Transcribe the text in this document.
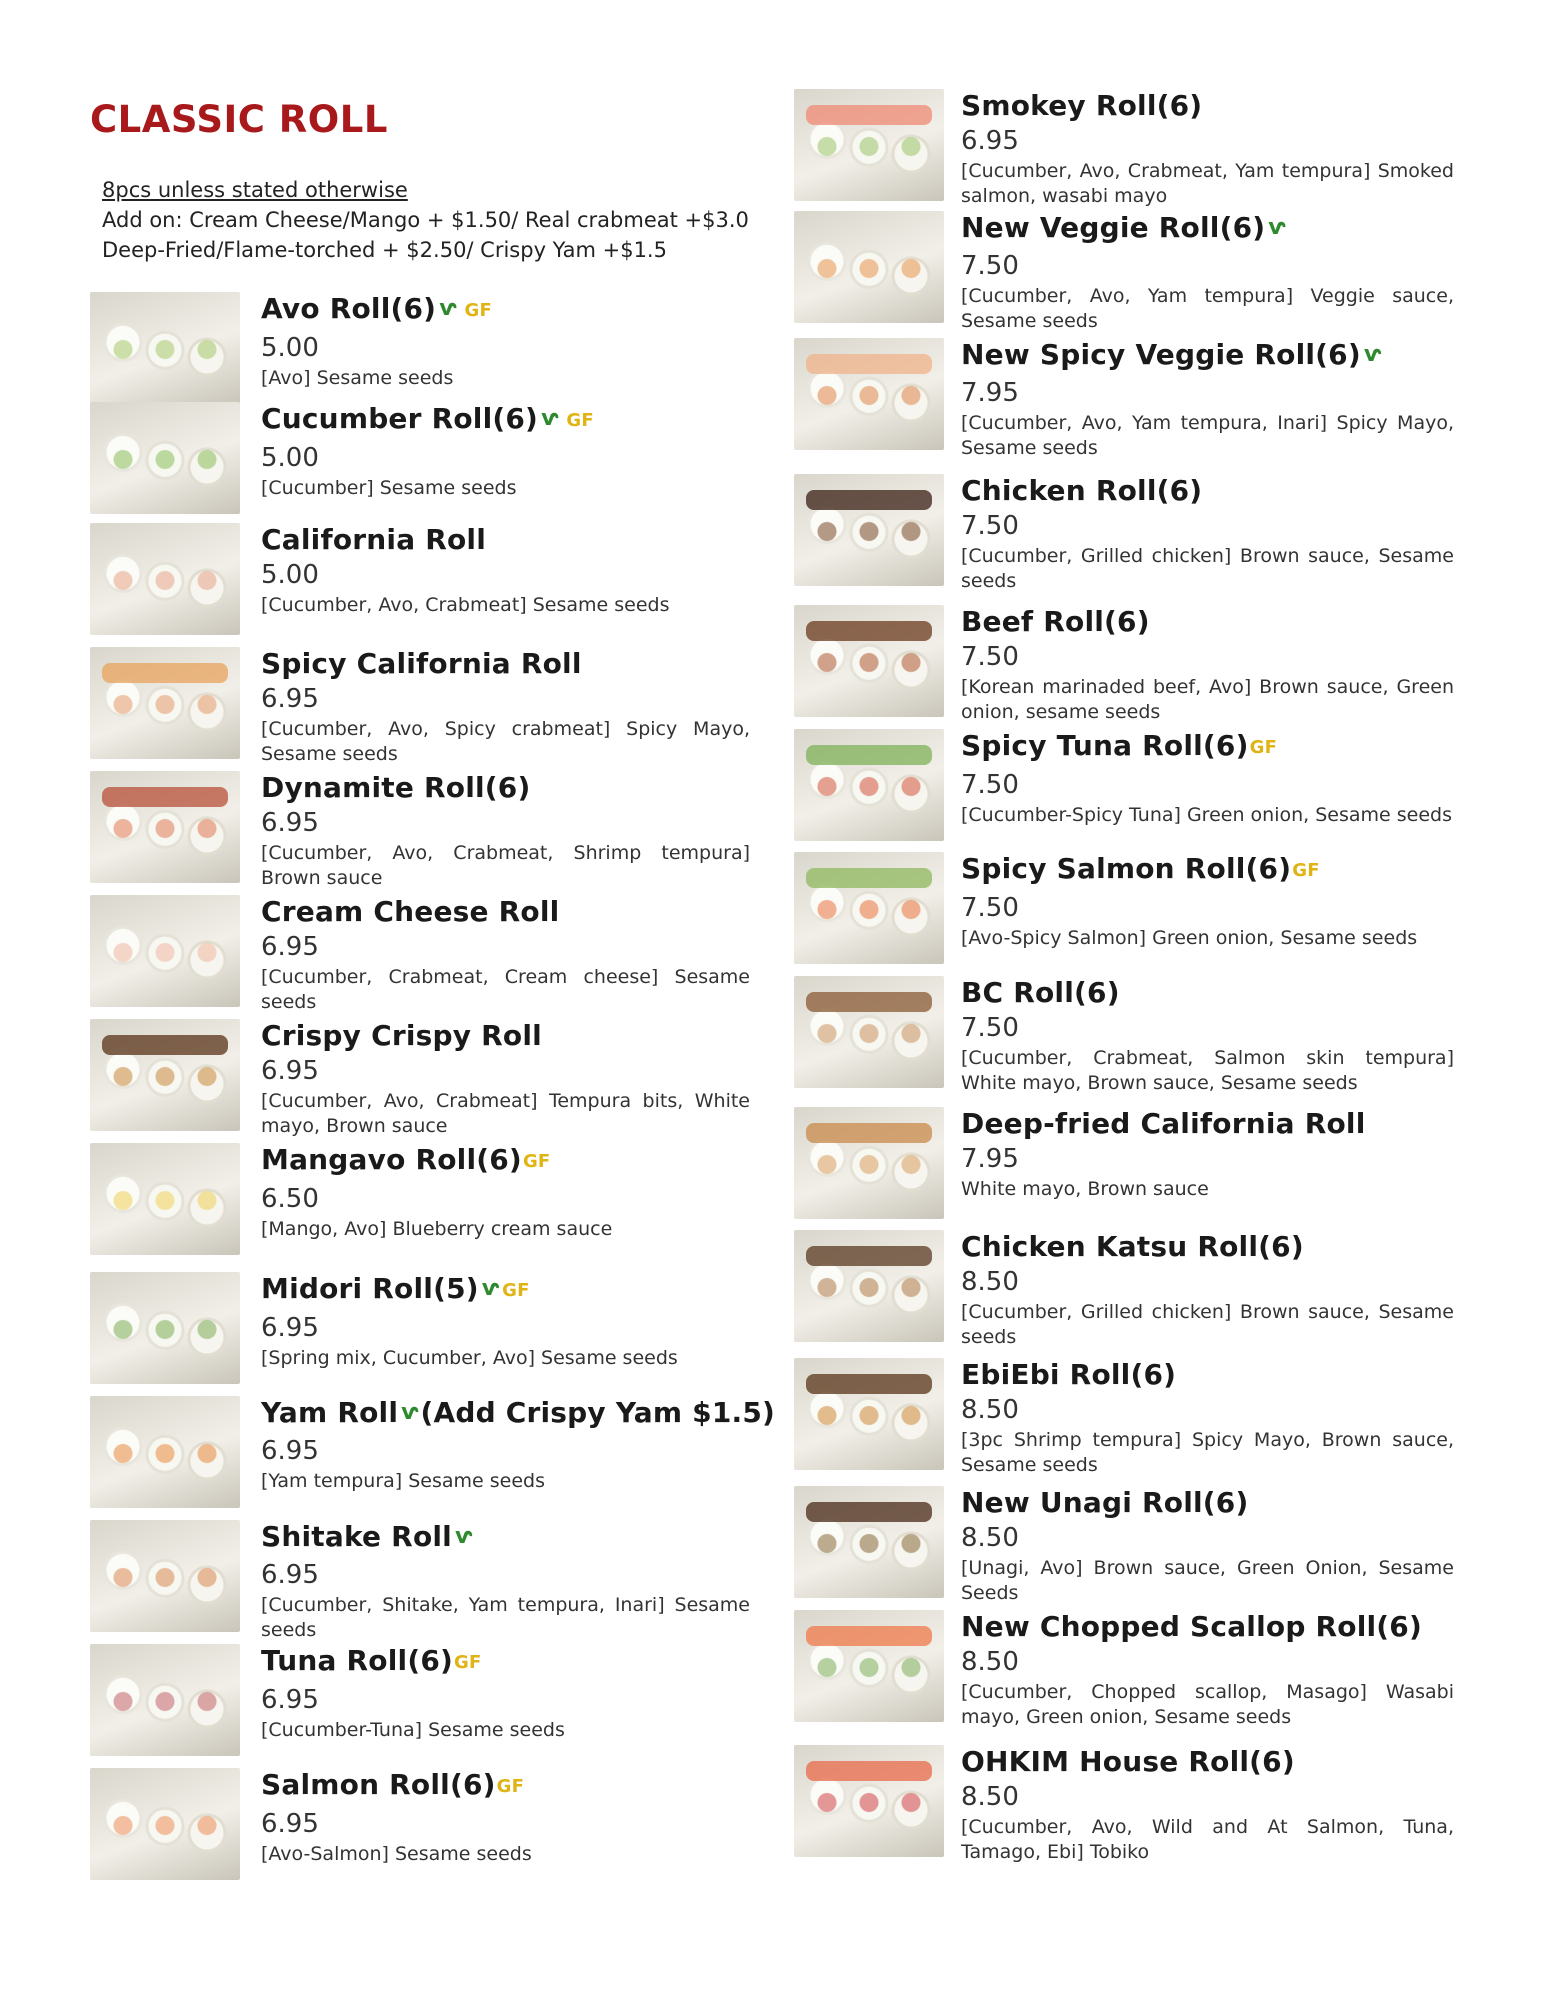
CLASSIC ROLL
8pcs unless stated otherwise
Add on: Cream Cheese/Mango + $1.50/ Real crabmeat +$3.0
Deep-Fried/Flame-torched + $2.50/ Crispy Yam +$1.5
Avo Roll(6) ⱱ GF
5.00
[Avo] Sesame seeds
Cucumber Roll(6) ⱱ GF
5.00
[Cucumber] Sesame seeds
California Roll
5.00
[Cucumber, Avo, Crabmeat] Sesame seeds
Spicy California Roll
6.95
[Cucumber, Avo, Spicy crabmeat] Spicy Mayo, Sesame seeds
Dynamite Roll(6)
6.95
[Cucumber, Avo, Crabmeat, Shrimp tempura] Brown sauce
Cream Cheese Roll
6.95
[Cucumber, Crabmeat, Cream cheese] Sesame seeds
Crispy Crispy Roll
6.95
[Cucumber, Avo, Crabmeat] Tempura bits, White mayo, Brown sauce
Mangavo Roll(6)GF
6.50
[Mango, Avo] Blueberry cream sauce
Midori Roll(5) ⱱ GF
6.95
[Spring mix, Cucumber, Avo] Sesame seeds
Yam Roll ⱱ(Add Crispy Yam $1.5)
6.95
[Yam tempura] Sesame seeds
Shitake Roll ⱱ
6.95
[Cucumber, Shitake, Yam tempura, Inari] Sesame seeds
Tuna Roll(6)GF
6.95
[Cucumber-Tuna] Sesame seeds
Salmon Roll(6)GF
6.95
[Avo-Salmon] Sesame seeds
Smokey Roll(6)
6.95
[Cucumber, Avo, Crabmeat, Yam tempura] Smoked salmon, wasabi mayo
New Veggie Roll(6) ⱱ
7.50
[Cucumber, Avo, Yam tempura] Veggie sauce, Sesame seeds
New Spicy Veggie Roll(6) ⱱ
7.95
[Cucumber, Avo, Yam tempura, Inari] Spicy Mayo, Sesame seeds
Chicken Roll(6)
7.50
[Cucumber, Grilled chicken] Brown sauce, Sesame seeds
Beef Roll(6)
7.50
[Korean marinaded beef, Avo] Brown sauce, Green onion, sesame seeds
Spicy Tuna Roll(6)GF
7.50
[Cucumber-Spicy Tuna] Green onion, Sesame seeds
Spicy Salmon Roll(6)GF
7.50
[Avo-Spicy Salmon] Green onion, Sesame seeds
BC Roll(6)
7.50
[Cucumber, Crabmeat, Salmon skin tempura] White mayo, Brown sauce, Sesame seeds
Deep-fried California Roll
7.95
White mayo, Brown sauce
Chicken Katsu Roll(6)
8.50
[Cucumber, Grilled chicken] Brown sauce, Sesame seeds
EbiEbi Roll(6)
8.50
[3pc Shrimp tempura] Spicy Mayo, Brown sauce, Sesame seeds
New Unagi Roll(6)
8.50
[Unagi, Avo] Brown sauce, Green Onion, Sesame Seeds
New Chopped Scallop Roll(6)
8.50
[Cucumber, Chopped scallop, Masago] Wasabi mayo, Green onion, Sesame seeds
OHKIM House Roll(6)
8.50
[Cucumber, Avo, Wild and At Salmon, Tuna, Tamago, Ebi] Tobiko
